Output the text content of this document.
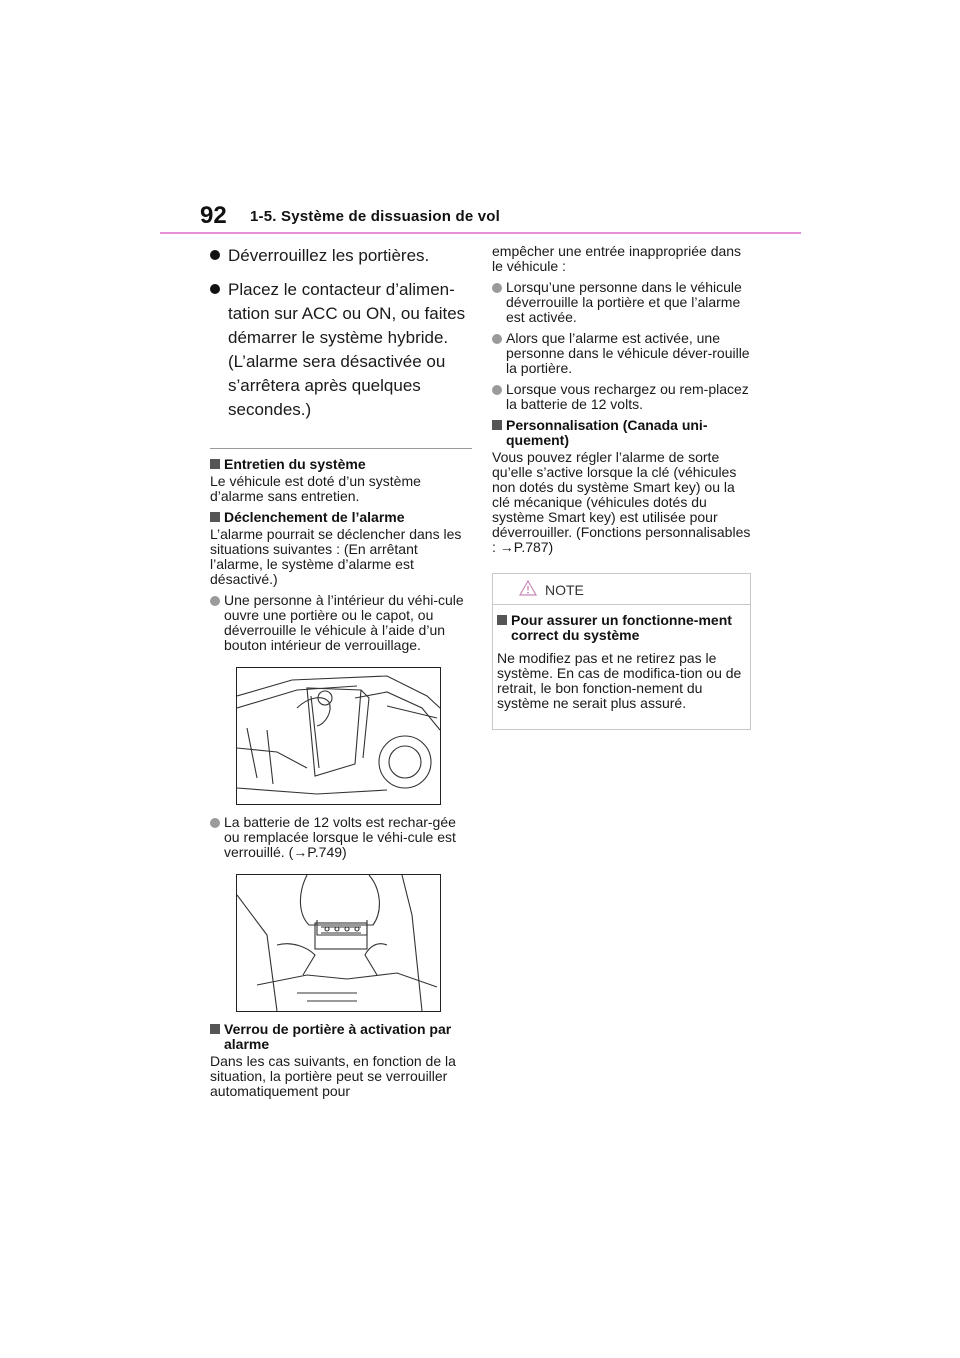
92 1-5. Système de dissuasion de vol
Déverrouillez les portières.
Placez le contacteur d’alimen-tation sur ACC ou ON, ou faites démarrer le système hybride. (L’alarme sera désactivée ou s’arrêtera après quelques secondes.)
Entretien du système
Le véhicule est doté d’un système d’alarme sans entretien.
Déclenchement de l’alarme
L’alarme pourrait se déclencher dans les situations suivantes : (En arrêtant l’alarme, le système d’alarme est désactivé.)
Une personne à l’intérieur du véhi-cule ouvre une portière ou le capot, ou déverrouille le véhicule à l’aide d’un bouton intérieur de verrouillage.
La batterie de 12 volts est rechar-gée ou remplacée lorsque le véhi-cule est verrouillé. (→P.749)
Verrou de portière à activation par alarme
Dans les cas suivants, en fonction de la situation, la portière peut se verrouiller automatiquement pour
empêcher une entrée inappropriée dans le véhicule :
Lorsqu’une personne dans le véhicule déverrouille la portière et que l’alarme est activée.
Alors que l’alarme est activée, une personne dans le véhicule déver-rouille la portière.
Lorsque vous rechargez ou rem-placez la batterie de 12 volts.
Personnalisation (Canada uni-quement)
Vous pouvez régler l’alarme de sorte qu’elle s’active lorsque la clé (véhicules non dotés du système Smart key) ou la clé mécanique (véhicules dotés du système Smart key) est utilisée pour déverrouiller. (Fonctions personnalisables : →P.787)
NOTE
Pour assurer un fonctionne-ment correct du système
Ne modifiez pas et ne retirez pas le système. En cas de modifica-tion ou de retrait, le bon fonction-nement du système ne serait plus assuré.
